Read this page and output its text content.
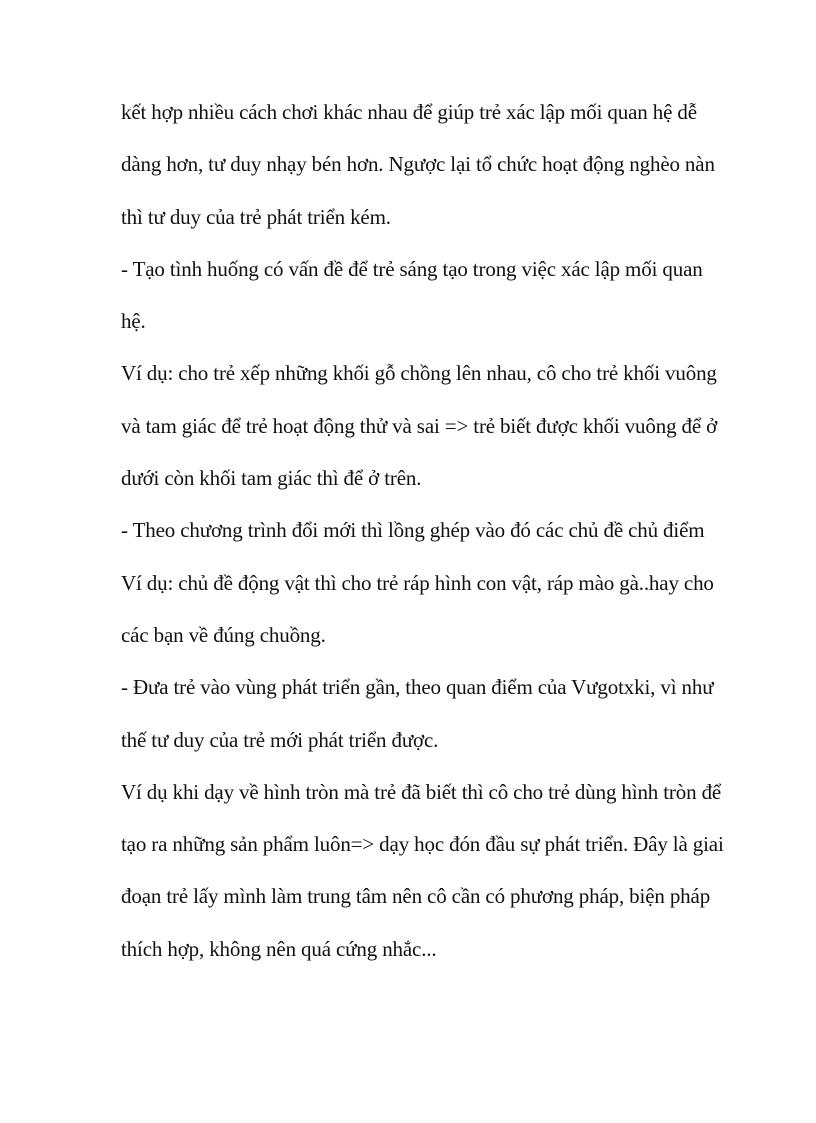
kết hợp nhiều cách chơi khác nhau để giúp trẻ xác lập mối quan hệ dễ
dàng hơn, tư duy nhạy bén hơn. Ngược lại tổ chức hoạt động nghèo nàn
thì tư duy của trẻ phát triển kém.
- Tạo tình huống có vấn đề để trẻ sáng tạo trong việc xác lập mối quan
hệ.
Ví dụ: cho trẻ xếp những khối gỗ chồng lên nhau, cô cho trẻ khối vuông
và tam giác để trẻ hoạt động thử và sai => trẻ biết được khối vuông để ở
dưới còn khối tam giác thì để ở trên.
- Theo chương trình đổi mới thì lồng ghép vào đó các chủ đề chủ điểm
Ví dụ: chủ đề động vật thì cho trẻ ráp hình con vật, ráp mào gà..hay cho
các bạn về đúng chuồng.
- Đưa trẻ vào vùng phát triển gần, theo quan điểm của Vưgotxki, vì như
thế tư duy của trẻ mới phát triển được.
Ví dụ khi dạy về hình tròn mà trẻ đã biết thì cô cho trẻ dùng hình tròn để
tạo ra những sản phẩm luôn=> dạy học đón đầu sự phát triển. Đây là giai
đoạn trẻ lấy mình làm trung tâm nên cô cần có phương pháp, biện pháp
thích hợp, không nên quá cứng nhắc...
